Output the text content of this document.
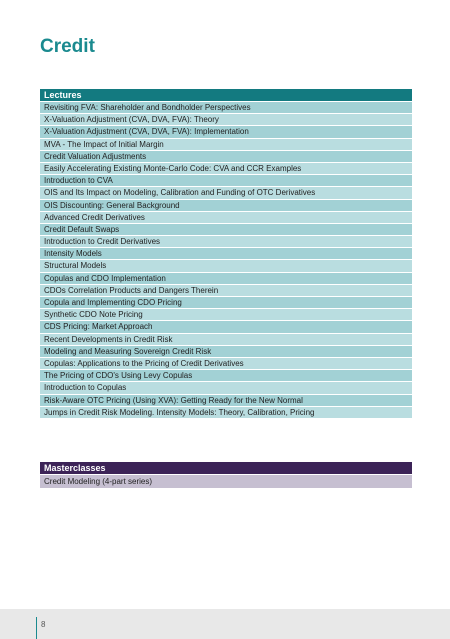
Credit
Lectures
Revisiting FVA: Shareholder and Bondholder Perspectives
X-Valuation Adjustment (CVA, DVA, FVA): Theory
X-Valuation Adjustment (CVA, DVA, FVA): Implementation
MVA - The Impact of Initial Margin
Credit Valuation Adjustments
Easily Accelerating Existing Monte-Carlo Code: CVA and CCR Examples
Introduction to CVA
OIS and Its Impact on Modeling, Calibration and Funding of OTC Derivatives
OIS Discounting: General Background
Advanced Credit Derivatives
Credit Default Swaps
Introduction to Credit Derivatives
Intensity Models
Structural Models
Copulas and CDO Implementation
CDOs Correlation Products and Dangers Therein
Copula and Implementing CDO Pricing
Synthetic CDO Note Pricing
CDS Pricing: Market Approach
Recent Developments in Credit Risk
Modeling and Measuring Sovereign Credit Risk
Copulas: Applications to the Pricing of Credit Derivatives
The Pricing of CDO's Using Levy Copulas
Introduction to Copulas
Risk-Aware OTC Pricing (Using XVA): Getting Ready for the New Normal
Jumps in Credit Risk Modeling. Intensity Models: Theory, Calibration, Pricing
Masterclasses
Credit Modeling (4-part series)
8
